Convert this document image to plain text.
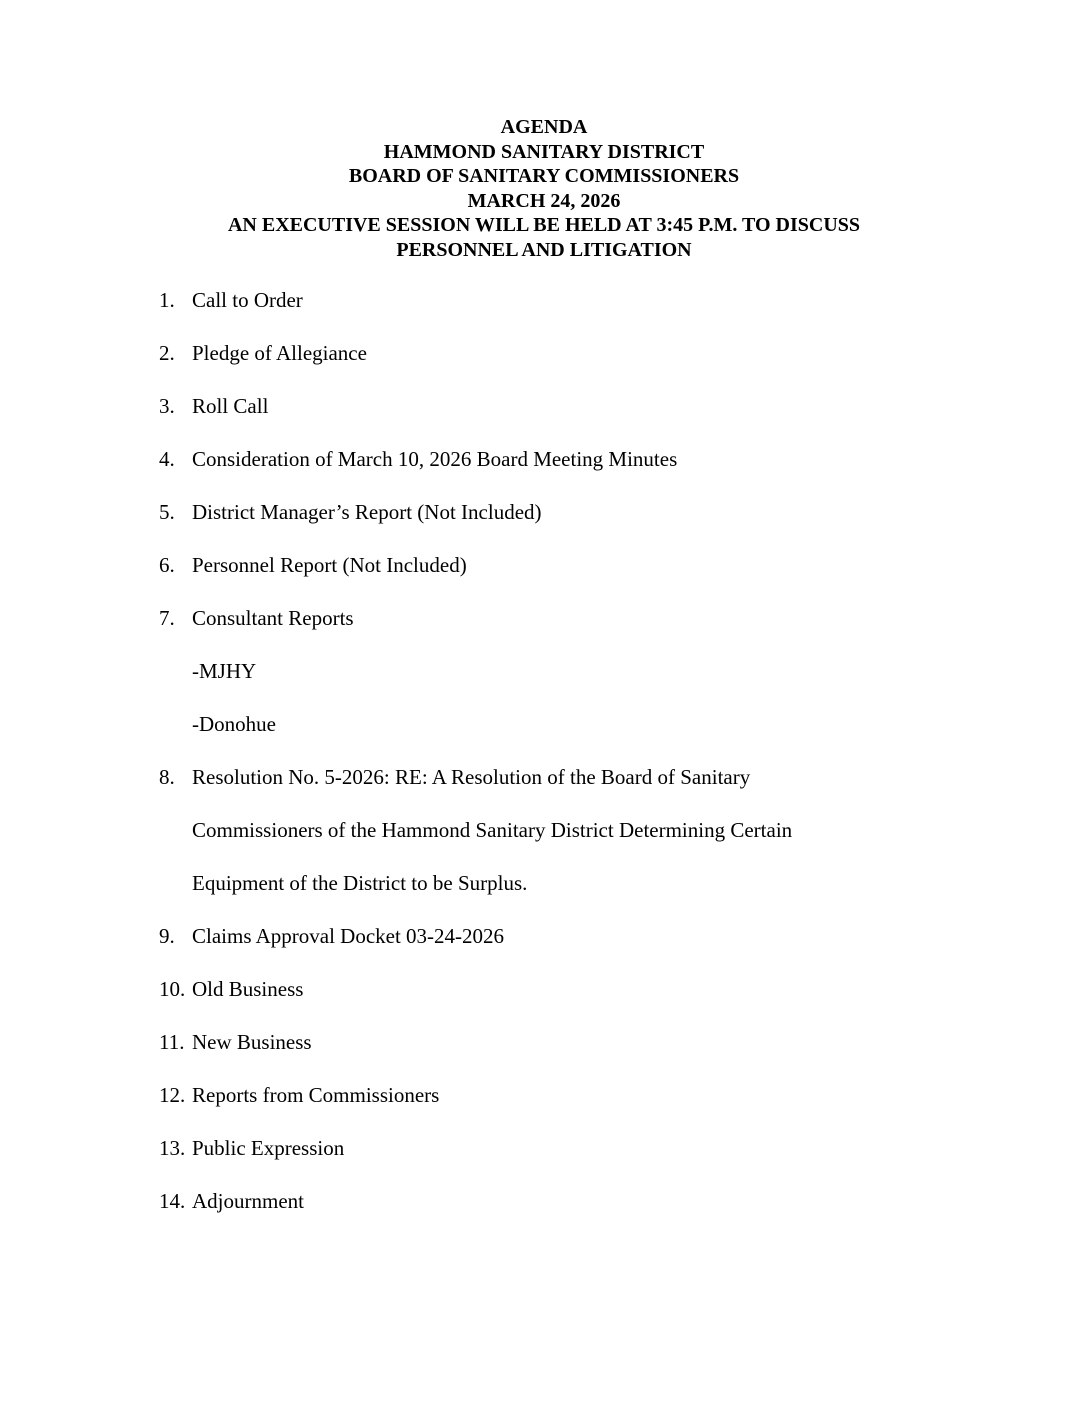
AGENDA
HAMMOND SANITARY DISTRICT
BOARD OF SANITARY COMMISSIONERS
MARCH 24, 2026
AN EXECUTIVE SESSION WILL BE HELD AT 3:45 P.M. TO DISCUSS
PERSONNEL AND LITIGATION
1. Call to Order
2. Pledge of Allegiance
3. Roll Call
4. Consideration of March 10, 2026 Board Meeting Minutes
5. District Manager’s Report (Not Included)
6. Personnel Report (Not Included)
7. Consultant Reports
-MJHY
-Donohue
8. Resolution No. 5-2026: RE: A Resolution of the Board of Sanitary
Commissioners of the Hammond Sanitary District Determining Certain
Equipment of the District to be Surplus.
9. Claims Approval Docket 03-24-2026
10. Old Business
11. New Business
12. Reports from Commissioners
13. Public Expression
14. Adjournment
